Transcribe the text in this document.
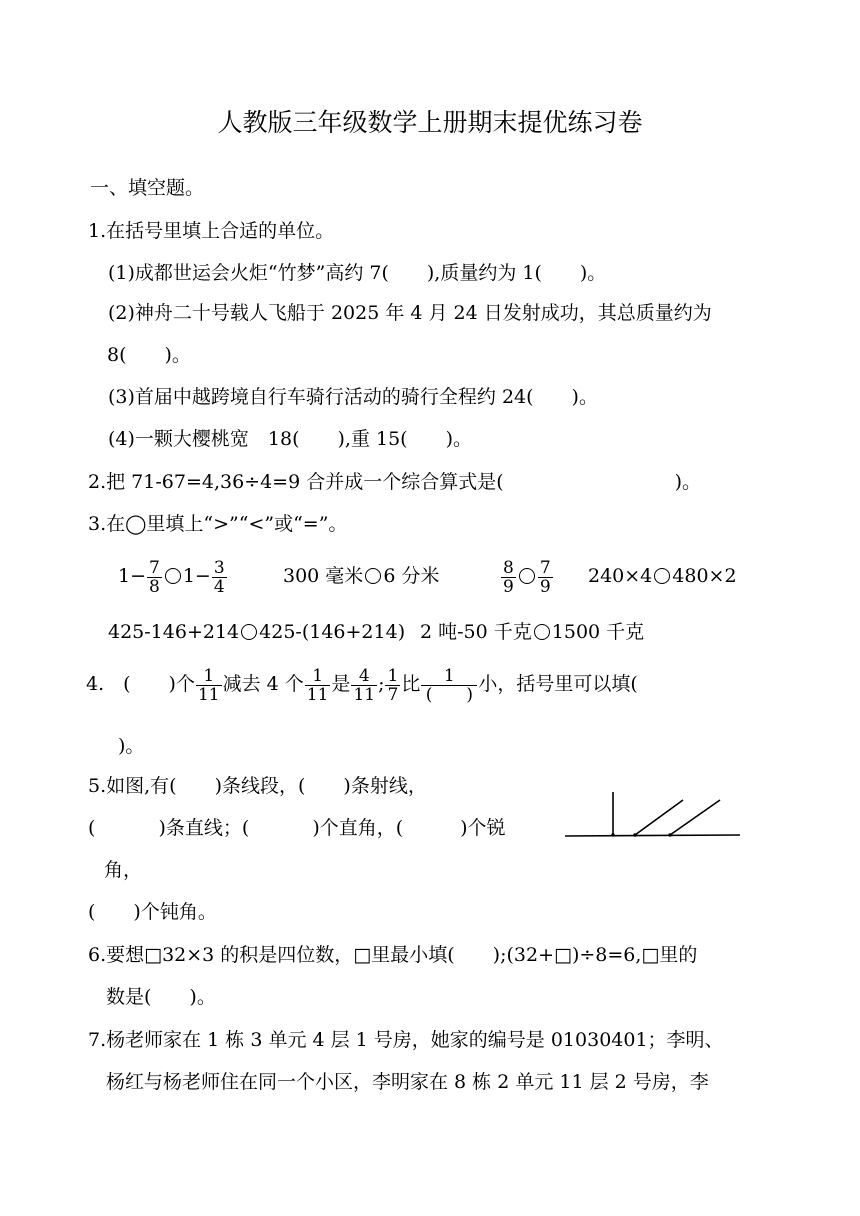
人教版三年级数学上册期末提优练习卷
一、填空题。
1.在括号里填上合适的单位。
(1)成都世运会火炬“竹梦”高约 7(　　),质量约为 1(　　)。
(2)神舟二十号载人飞船于 2025 年 4 月 24 日发射成功，其总质量约为
8(　　)。
(3)首届中越跨境自行车骑行活动的骑行全程约 24(　　)。
(4)一颗大樱桃宽　18(　　),重 15(　　)。
2.把 71-67=4,36÷4=9 合并成一个综合算式是(　　　　　　　　　)。
3.在◯里填上“>”“<”或“=”。
$1- \frac{7}{8} 1- \frac{3}{4}$	300 毫米 6 分米	$\frac{8}{9} \frac{7}{9} 240\times 4$ 480×2
425-146+214 425-(146+214) 2 吨-50 千克 1500 千克
4.　(　　)个 $\frac{1}{11}$ 减去 4 个 $\frac{1}{11}$ 是 $\frac{4}{11}$ ; $\frac{1}{7}$ 比 $\frac{1}{( )}$ 小，括号里可以填(
)。
5.如图,有(　　)条线段，(　　)条射线，
(　　　 )条直线；(　　　 )个直角，(　　　)个锐
角，
(　　)个钝角。
6.要想□32×3 的积是四位数，□里最小填(　　);(32+□)÷8=6,□里的
数是(　　)。
7.杨老师家在 1 栋 3 单元 4 层 1 号房，她家的编号是 01030401；李明、
杨红与杨老师住在同一个小区，李明家在 8 栋 2 单元 11 层 2 号房，李
